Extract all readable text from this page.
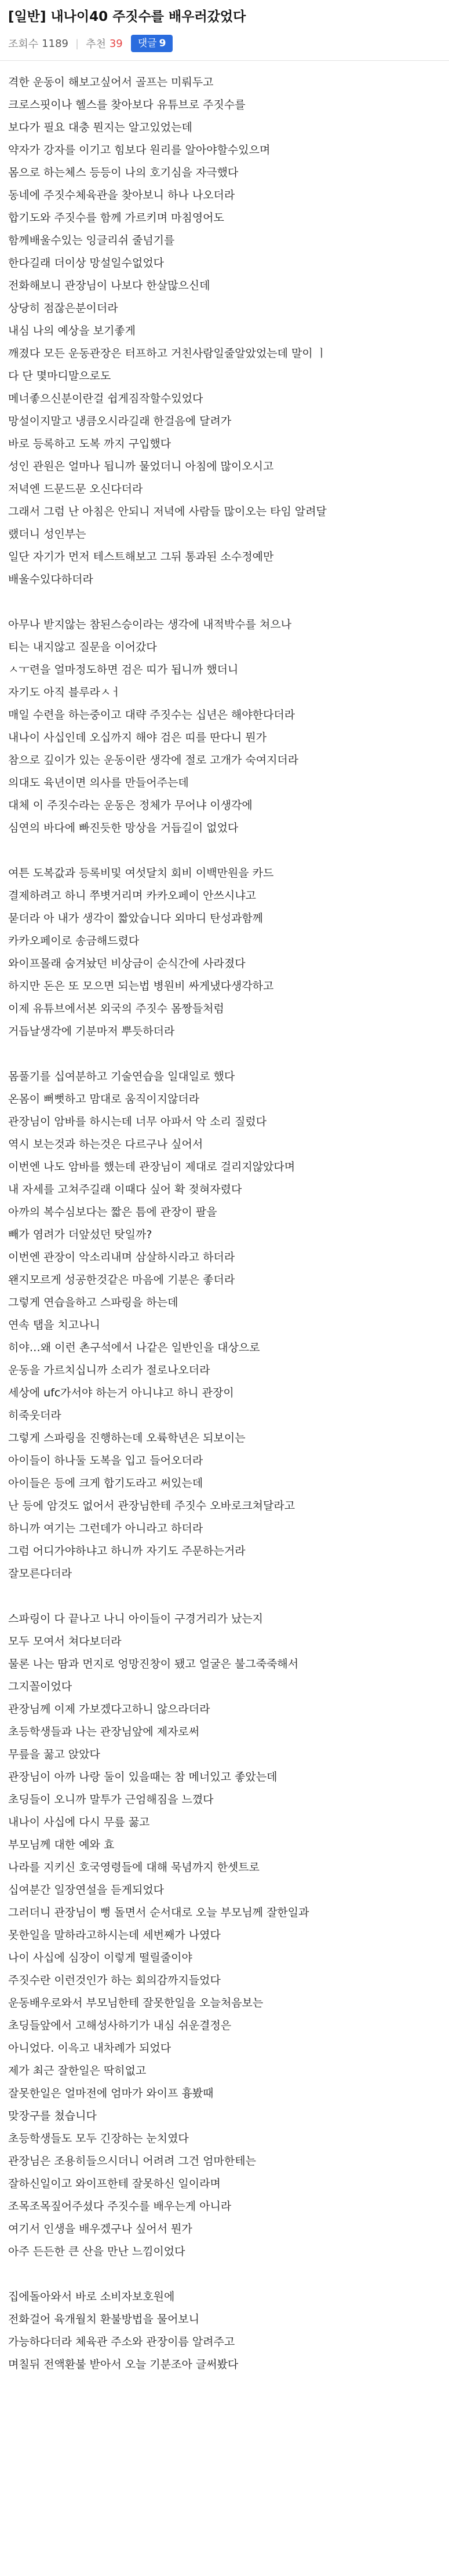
[일반] 내나이40 주짓수를 배우러갔었다
조회수 1189 | 추천 39 댓글 9
격한 운동이 해보고싶어서 골프는 미뤄두고
크로스핏이나 헬스를 찾아보다 유튜브로 주짓수를
보다가 필요 대충 뭔지는 알고있었는데
약자가 강자를 이기고 힘보다 원리를 알아야할수있으며
몸으로 하는체스 등등이 나의 호기심을 자극했다
동네에 주짓수체육관을 찾아보니 하나 나오더라
합기도와 주짓수를 함께 가르키며 마침영어도
함께배울수있는 잉글리쉬 줄넘기를
한다길래 더이상 망설일수없었다
전화해보니 관장님이 나보다 한살많으신데
상당히 점잖은분이더라
내심 나의 예상을 보기좋게
깨졌다 모든 운동관장은 터프하고 거친사람일줄알았었는데 말이 ㅣ
다 단 몇마디말으로도
메너좋으신분이란걸 쉽게짐작할수있었다
망설이지말고 냉큼오시라길래 한걸음에 달려가
바로 등록하고 도복 까지 구입했다
성인 관원은 얼마나 됩니까 물었더니 아침에 많이오시고
저녁엔 드문드문 오신다더라
그래서 그럼 난 아침은 안되니 저녁에 사람들 많이오는 타임 알려달
랬더니 성인부는
일단 자기가 먼저 테스트해보고 그뒤 통과된 소수정예만
배울수있다하더라
아무나 받지않는 참된스승이라는 생각에 내적박수를 쳐으나
티는 내지않고 질문을 이어갔다
ㅅㅜ련을 얼마정도하면 검은 띠가 됩니까 했더니
자기도 아직 블루라ㅅㅓ
매일 수련을 하는중이고 대략 주짓수는 십년은 해야한다더라
내나이 사십인데 오십까지 해야 검은 띠를 딴다니 뭔가
참으로 깊이가 있는 운동이란 생각에 절로 고개가 숙여지더라
의대도 육년이면 의사를 만들어주는데
대체 이 주짓수라는 운동은 정체가 무어냐 이생각에
심연의 바다에 빠진듯한 망상을 거듭길이 없었다
여튼 도복값과 등록비및 여섯달치 회비 이백만원을 카드
결제하려고 하니 쭈볏거리며 카카오페이 안쓰시냐고
묻더라 아 내가 생각이 짧았습니다 외마디 탄성과함께
카카오페이로 송금해드렸다
와이프몰래 숨겨놨던 비상금이 순식간에 사라졌다
하지만 돈은 또 모으면 되는법 병원비 싸게냈다생각하고
이제 유튜브에서본 외국의 주짓수 몸짱들처럼
거듭날생각에 기분마저 뿌듯하더라
몸풀기를 십여분하고 기술연습을 일대일로 했다
온몸이 뻐뻣하고 맘대로 움직이지않더라
관장님이 암바를 하시는데 너무 아파서 악 소리 질렀다
역시 보는것과 하는것은 다르구나 싶어서
이번엔 나도 암바를 했는데 관장님이 제대로 걸리지않았다며
내 자세를 고쳐주길래 이때다 싶어 확 젖혀자렸다
아까의 복수심보다는 짧은 틈에 관장이 팔을
빼가 염려가 더앞섰던 탓일까?
이번엔 관장이 악소리내며 삼살하시라고 하더라
왠지모르게 성공한것같은 마음에 기분은 좋더라
그렇게 연습을하고 스파링을 하는데
연속 탭을 치고나니
히야…왜 이런 촌구석에서 나같은 일반인을 대상으로
운동을 가르치십니까 소리가 절로나오더라
세상에 ufc가서야 하는거 아니냐고 하니 관장이
히죽웃더라
그렇게 스파링을 진행하는데 오륙학년은 되보이는
아이들이 하나둘 도복을 입고 들어오더라
아이들은 등에 크게 합기도라고 써있는데
난 등에 암것도 없어서 관장님한테 주짓수 오바로크쳐달라고
하니까 여기는 그런데가 아니라고 하더라
그럼 어디가야하냐고 하니까 자기도 주문하는거라
잘모른다더라
스파링이 다 끝나고 나니 아이들이 구경거리가 났는지
모두 모여서 쳐다보더라
물론 나는 땀과 먼지로 엉망진창이 됐고 얼굴은 불그죽죽해서
그지꼴이었다
관장님께 이제 가보겠다고하니 않으라더라
초등학생들과 나는 관장님앞에 제자로써
무릎을 꿇고 앉았다
관장님이 아까 나랑 둘이 있을때는 참 메너있고 좋았는데
초딩들이 오니까 말투가 근엄해짐을 느꼈다
내나이 사십에 다시 무릎 꿇고
부모님께 대한 예와 효
나라를 지키신 호국영령들에 대해 묵념까지 한셋트로
십여분간 일장연설을 듣게되었다
그러더니 관장님이 뻥 돌면서 순서대로 오늘 부모님께 잘한일과
못한일을 말하라고하시는데 세번째가 나였다
나이 사십에 심장이 이렇게 떨릴줄이야
주짓수란 이런것인가 하는 회의감까지들었다
운동배우로와서 부모님한테 잘못한일을 오늘처음보는
초딩들앞에서 고해성사하기가 내심 쉬운결정은
아니었다. 이윽고 내차례가 되었다
제가 최근 잘한일은 딱히없고
잘못한일은 얼마전에 엄마가 와이프 흉봤때
맞장구를 쳤습니다
초등학생들도 모두 긴장하는 눈치였다
관장님은 조용히들으시더니 어려려 그건 엄마한테는
잘하신일이고 와이프한테 잘못하신 일이라며
조목조목짚어주셨다 주짓수를 배우는게 아니라
여기서 인생을 배우겠구나 싶어서 뭔가
아주 든든한 큰 산을 만난 느낌이었다
집에돌아와서 바로 소비자보호원에
전화걸어 육개월치 환불방법을 물어보니
가능하다더라 체육관 주소와 관장이름 알려주고
며칠뒤 전액환불 받아서 오늘 기분조아 글써봤다
